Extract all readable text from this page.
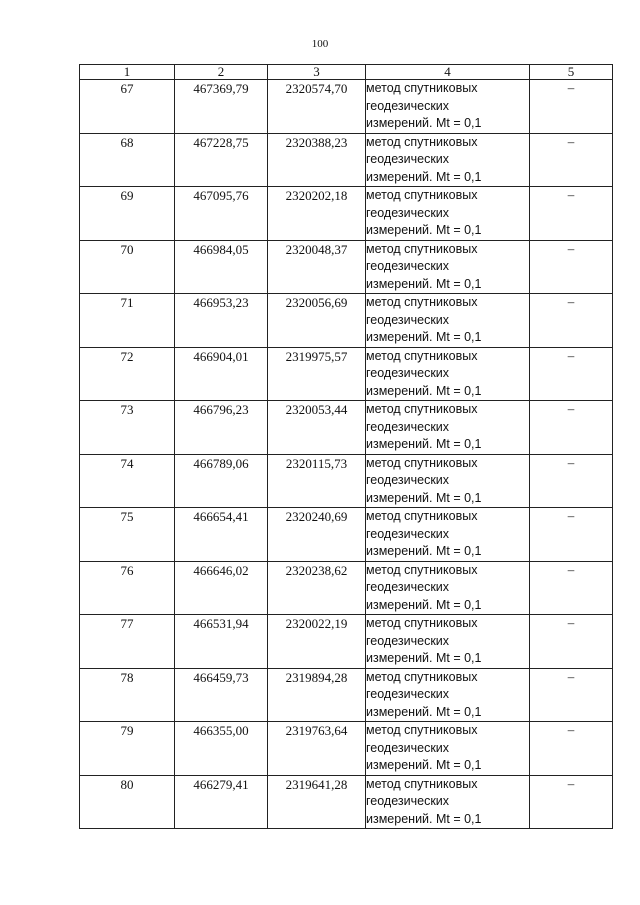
100
1	2	3	4	5
67	467369,79	2320574,70	метод спутниковых
геодезических
измерений. Mt = 0,1	–
68	467228,75	2320388,23	метод спутниковых
геодезических
измерений. Mt = 0,1	–
69	467095,76	2320202,18	метод спутниковых
геодезических
измерений. Mt = 0,1	–
70	466984,05	2320048,37	метод спутниковых
геодезических
измерений. Mt = 0,1	–
71	466953,23	2320056,69	метод спутниковых
геодезических
измерений. Mt = 0,1	–
72	466904,01	2319975,57	метод спутниковых
геодезических
измерений. Mt = 0,1	–
73	466796,23	2320053,44	метод спутниковых
геодезических
измерений. Mt = 0,1	–
74	466789,06	2320115,73	метод спутниковых
геодезических
измерений. Mt = 0,1	–
75	466654,41	2320240,69	метод спутниковых
геодезических
измерений. Mt = 0,1	–
76	466646,02	2320238,62	метод спутниковых
геодезических
измерений. Mt = 0,1	–
77	466531,94	2320022,19	метод спутниковых
геодезических
измерений. Mt = 0,1	–
78	466459,73	2319894,28	метод спутниковых
геодезических
измерений. Mt = 0,1	–
79	466355,00	2319763,64	метод спутниковых
геодезических
измерений. Mt = 0,1	–
80	466279,41	2319641,28	метод спутниковых
геодезических
измерений. Mt = 0,1	–
